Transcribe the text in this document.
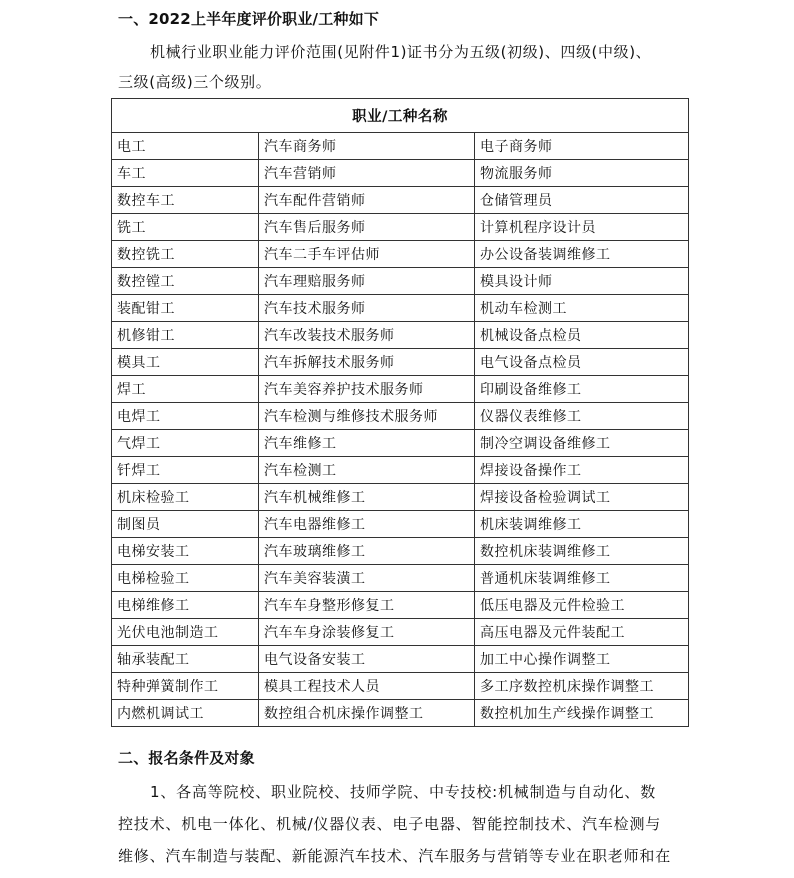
一、2022上半年度评价职业/工种如下
机械行业职业能力评价范围(见附件1)证书分为五级(初级)、四级(中级)、
三级(高级)三个级别。
职业/工种名称		
电工	汽车商务师	电子商务师
车工	汽车营销师	物流服务师
数控车工	汽车配件营销师	仓储管理员
铣工	汽车售后服务师	计算机程序设计员
数控铣工	汽车二手车评估师	办公设备装调维修工
数控镗工	汽车理赔服务师	模具设计师
装配钳工	汽车技术服务师	机动车检测工
机修钳工	汽车改装技术服务师	机械设备点检员
模具工	汽车拆解技术服务师	电气设备点检员
焊工	汽车美容养护技术服务师	印刷设备维修工
电焊工	汽车检测与维修技术服务师	仪器仪表维修工
气焊工	汽车维修工	制冷空调设备维修工
钎焊工	汽车检测工	焊接设备操作工
机床检验工	汽车机械维修工	焊接设备检验调试工
制图员	汽车电器维修工	机床装调维修工
电梯安装工	汽车玻璃维修工	数控机床装调维修工
电梯检验工	汽车美容装潢工	普通机床装调维修工
电梯维修工	汽车车身整形修复工	低压电器及元件检验工
光伏电池制造工	汽车车身涂装修复工	高压电器及元件装配工
轴承装配工	电气设备安装工	加工中心操作调整工
特种弹簧制作工	模具工程技术人员	多工序数控机床操作调整工
内燃机调试工	数控组合机床操作调整工	数控机加生产线操作调整工
二、报名条件及对象
1、各高等院校、职业院校、技师学院、中专技校:机械制造与自动化、数
控技术、机电一体化、机械/仪器仪表、电子电器、智能控制技术、汽车检测与
维修、汽车制造与装配、新能源汽车技术、汽车服务与营销等专业在职老师和在
